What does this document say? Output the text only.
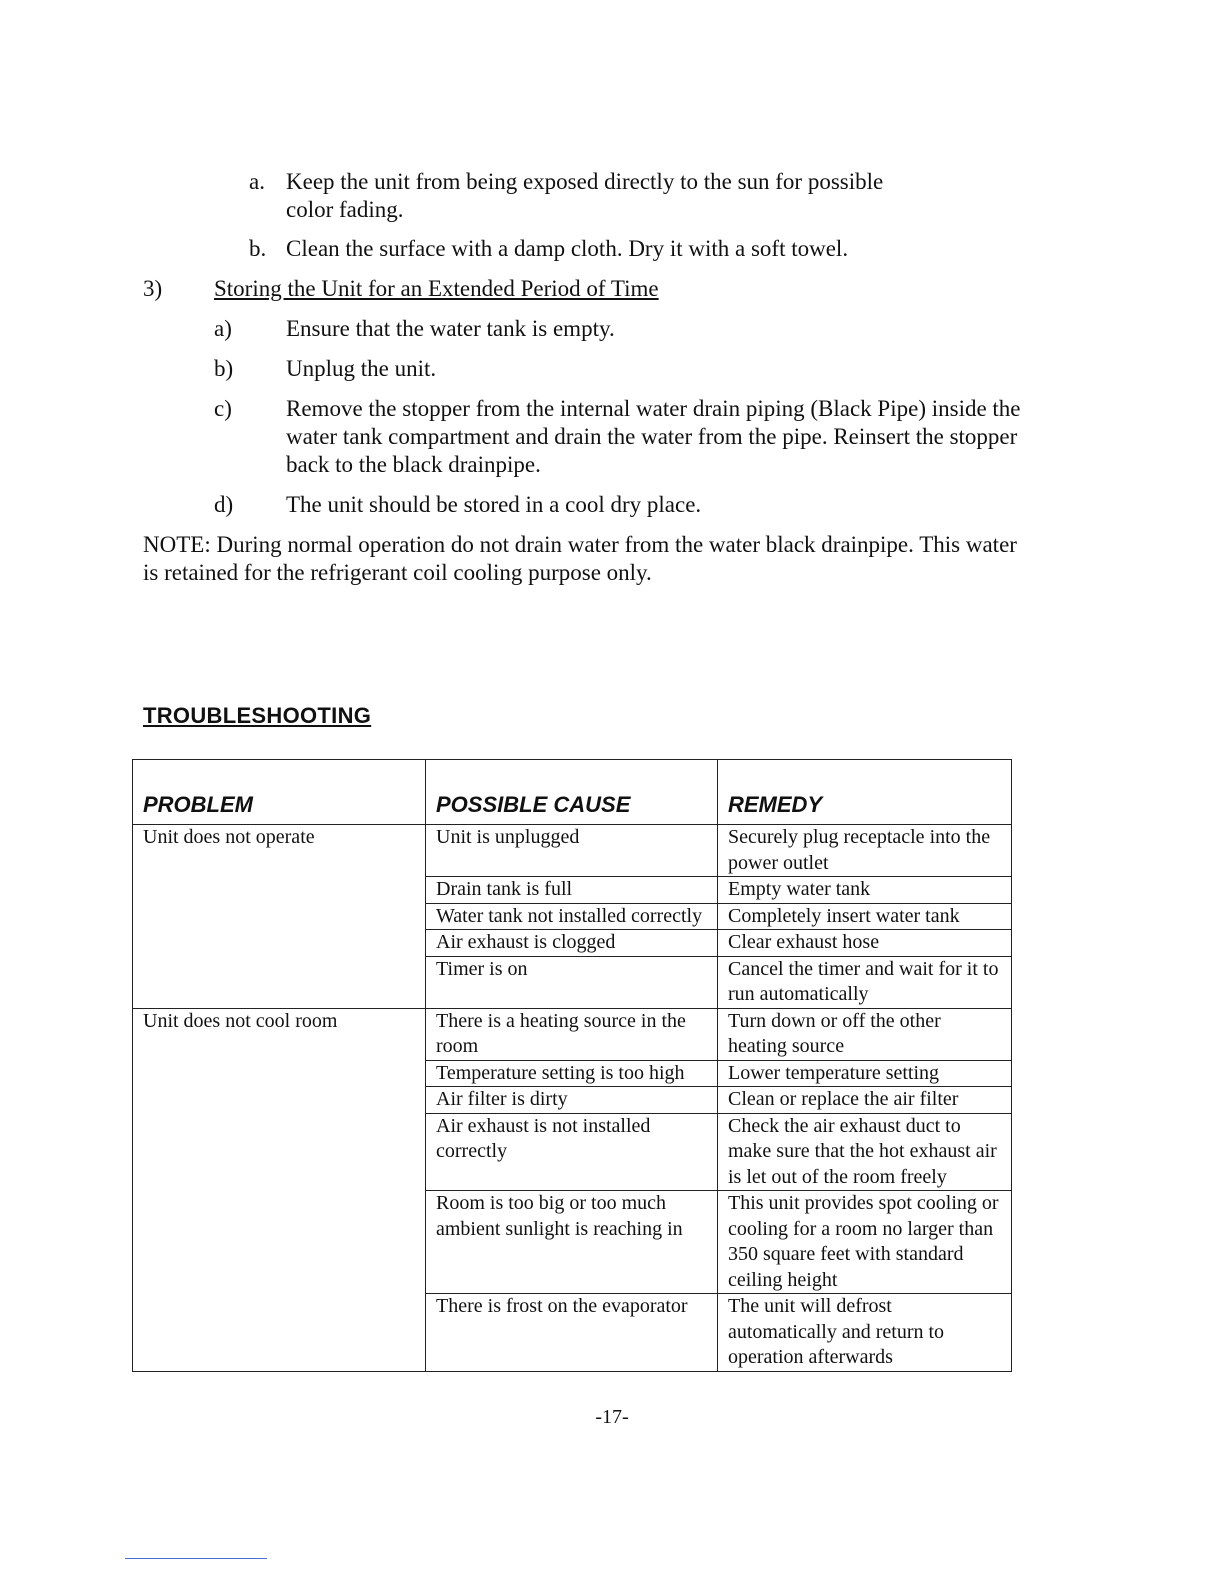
a. Keep the unit from being exposed directly to the sun for possible
color fading.
b. Clean the surface with a damp cloth. Dry it with a soft towel.
3) Storing the Unit for an Extended Period of Time
a) Ensure that the water tank is empty.
b) Unplug the unit.
c) Remove the stopper from the internal water drain piping (Black Pipe) inside the
water tank compartment and drain the water from the pipe. Reinsert the stopper
back to the black drainpipe.
d) The unit should be stored in a cool dry place.
NOTE: During normal operation do not drain water from the water black drainpipe. This water
is retained for the refrigerant coil cooling purpose only.
TROUBLESHOOTING
PROBLEM	POSSIBLE CAUSE	REMEDY
Unit does not operate	Unit is unplugged	Securely plug receptacle into the power outlet
	Drain tank is full	Empty water tank
	Water tank not installed correctly	Completely insert water tank
	Air exhaust is clogged	Clear exhaust hose
	Timer is on	Cancel the timer and wait for it to run automatically
Unit does not cool room	There is a heating source in the room	Turn down or off the other heating source
	Temperature setting is too high	Lower temperature setting
	Air filter is dirty	Clean or replace the air filter
	Air exhaust is not installed correctly	Check the air exhaust duct to make sure that the hot exhaust air is let out of the room freely
	Room is too big or too much ambient sunlight is reaching in	This unit provides spot cooling or cooling for a room no larger than 350 square feet with standard ceiling height
	There is frost on the evaporator	The unit will defrost automatically and return to operation afterwards
-17-
